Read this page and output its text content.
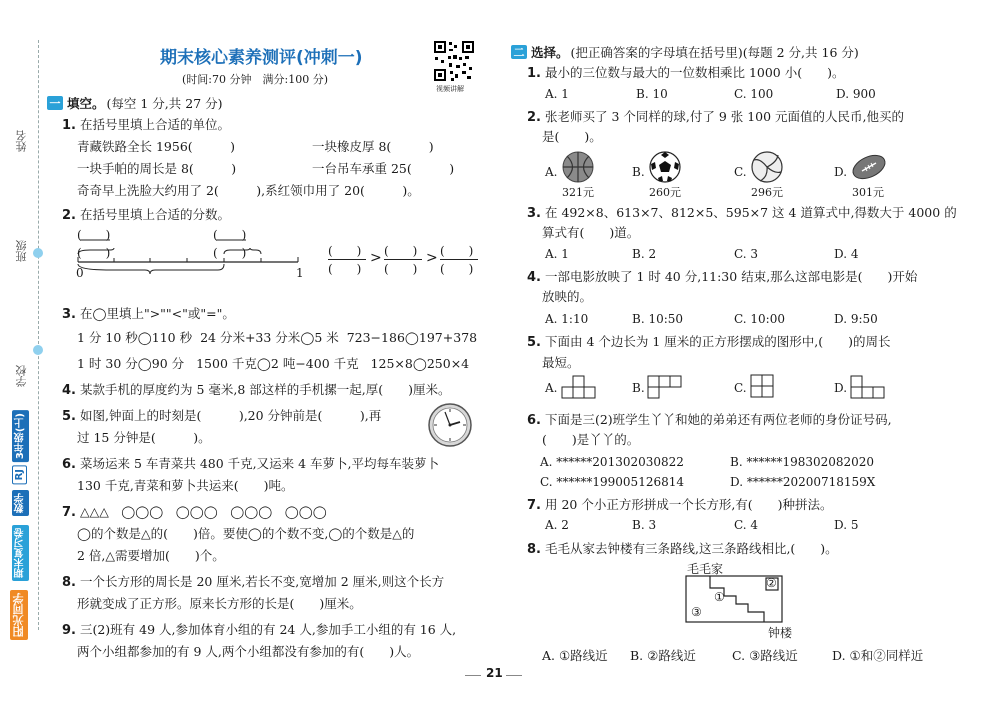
姓名
班级
学校
3年级(上)
RJ
数学
期末复习卷
阳光同学
期末核心素养测评(冲刺一)
(时间:70 分钟　满分:100 分)
视频讲解
一 填空。 (每空 1 分,共 27 分)
1. 在括号里填上合适的单位。
青藏铁路全长 1956(　　　)	一块橡皮厚 8(　　　)
一块手帕的周长是 8(　　　)	一台吊车承重 25(　　　)
奇奇早上洗脸大约用了 2(　　　),系红领巾用了 20(　　　)。
2. 在括号里填上合适的分数。
(　　)
(　　)
(　　)
(　　)
0	1
(　　)
(　　)
> (　　)
(　　)
> (　　)
(　　)
3. 在◯里填上">""<"或"="。
1 分 10 秒◯110 秒 24 分米+33 分米◯5 米 723−186◯197+378
1 时 30 分◯90 分 1500 千克◯2 吨−400 千克 125×8◯250×4
4. 某款手机的厚度约为 5 毫米,8 部这样的手机摞一起,厚(　　)厘米。
5. 如图,钟面上的时刻是(　　　),20 分钟前是(　　　),再
过 15 分钟是(　　　)。
6. 菜场运来 5 车青菜共 480 千克,又运来 4 车萝卜,平均每车装萝卜
130 千克,青菜和萝卜共运来(　　)吨。
7. △△△　◯◯◯　◯◯◯　◯◯◯　◯◯◯
◯的个数是△的(　　)倍。要使◯的个数不变,◯的个数是△的
2 倍,△需要增加(　　)个。
8. 一个长方形的周长是 20 厘米,若长不变,宽增加 2 厘米,则这个长方
形就变成了正方形。原来长方形的长是(　　)厘米。
9. 三(2)班有 49 人,参加体育小组的有 24 人,参加手工小组的有 16 人,
两个小组都参加的有 9 人,两个小组都没有参加的有(　　)人。
二 选择。 (把正确答案的字母填在括号里)(每题 2 分,共 16 分)
1. 最小的三位数与最大的一位数相乘比 1000 小(　　)。
A. 1	B. 10	C. 100	D. 900
2. 张老师买了 3 个同样的球,付了 9 张 100 元面值的人民币,他买的
是(　　)。
A.
321元
B.
260元
C.
296元
D.
301元
3. 在 492×8、613×7、812×5、595×7 这 4 道算式中,得数大于 4000 的
算式有(　　)道。
A. 1	B. 2	C. 3	D. 4
4. 一部电影放映了 1 时 40 分,11:30 结束,那么这部电影是(　　)开始
放映的。
A. 1:10	B. 10:50	C. 10:00	D. 9:50
5. 下面由 4 个边长为 1 厘米的正方形摆成的图形中,(　　)的周长
最短。
A.	B.	C.	D.
6. 下面是三(2)班学生丫丫和她的弟弟还有两位老师的身份证号码,
(　　)是丫丫的。
A. ******201302030822	B. ******198302082020
C. ******199005126814	D. ******20200718159X
7. 用 20 个小正方形拼成一个长方形,有(　　)种拼法。
A. 2	B. 3	C. 4	D. 5
8. 毛毛从家去钟楼有三条路线,这三条路线相比,(　　)。
毛毛家
①
②
③
钟楼
A. ①路线近 B. ②路线近	C. ③路线近	D. ①和②同样近
21
